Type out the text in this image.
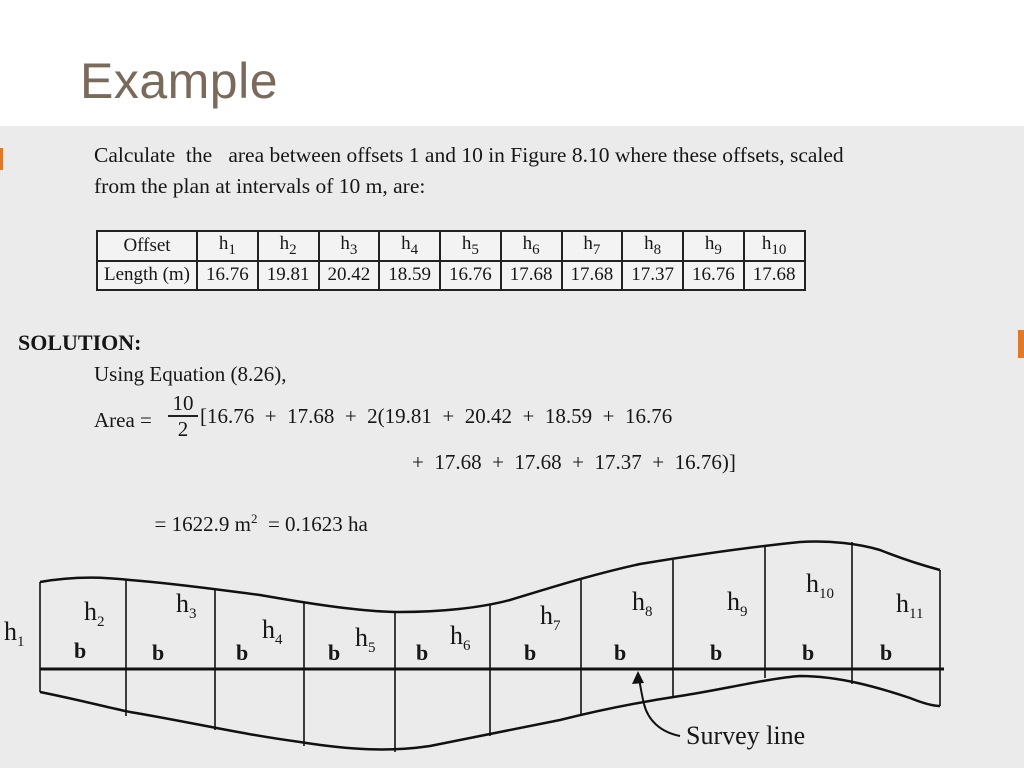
Example
Calculate  the   area between offsets 1 and 10 in Figure 8.10 where these offsets, scaled
from the plan at intervals of 10 m, are:
Offset	$h_1$	$h_2$	$h_3$	$h_4$	$h_5$	$h_6$	$h_7$	$h_8$	$h_9$	$h_{10}$
Length (m)	16.76	19.81	20.42	18.59	16.76	17.68	17.68	17.37	16.76	17.68
SOLUTION:
Using Equation (8.26),
Area =
10
2
[16.76  +  17.68  +  2(19.81  +  20.42  +  18.59  +  16.76
+  17.68  +  17.68  +  17.37  +  16.76)]

= 1622.9 $m^2 = 0.1623$ ha

$h_1$
$h_2$
$h_3$
$h_4$	$h_5$	$h_6$
$h_7$
$h_8$	$h_9$
$h_{10}$ $h_{11}$
b	b	b	b	b	b	b	b	b	b
Survey line
